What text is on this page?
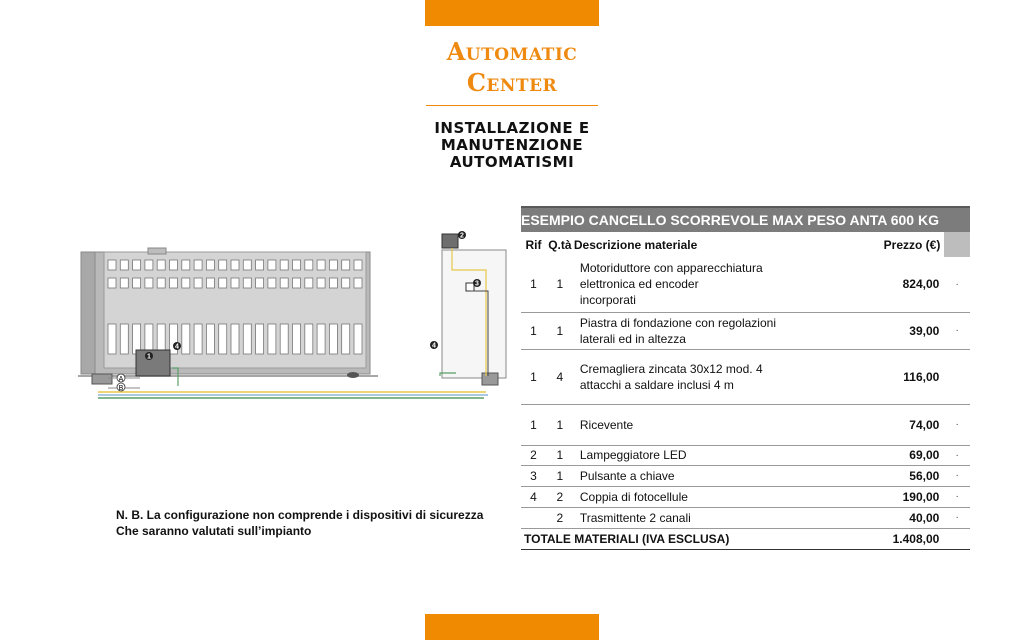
Automatic
Center
INSTALLAZIONE E
MANUTENZIONE
AUTOMATISMI
A
B
1
2
3
4	4
N. B. La configurazione non comprende i dispositivi di sicurezza
Che saranno valutati sull’impianto
ESEMPIO CANCELLO SCORREVOLE MAX PESO ANTA 600 KG				
Rif	Q.tà	Descrizione materiale	Prezzo (€)	
1	1	Motoriduttore con apparecchiatura
elettronica ed encoder
incorporati	824,00	·
1	1	Piastra di fondazione con regolazioni
laterali ed in altezza	39,00	·
1	4	Cremagliera zincata 30x12 mod. 4
attacchi a saldare inclusi 4 m	116,00	
1	1	Ricevente	74,00	·
2	1	Lampeggiatore LED	69,00	·
3	1	Pulsante a chiave	56,00	·
4	2	Coppia di fotocellule	190,00	·
	2	Trasmittente 2 canali	40,00	·
TOTALE MATERIALI (IVA ESCLUSA)			1.408,00	
